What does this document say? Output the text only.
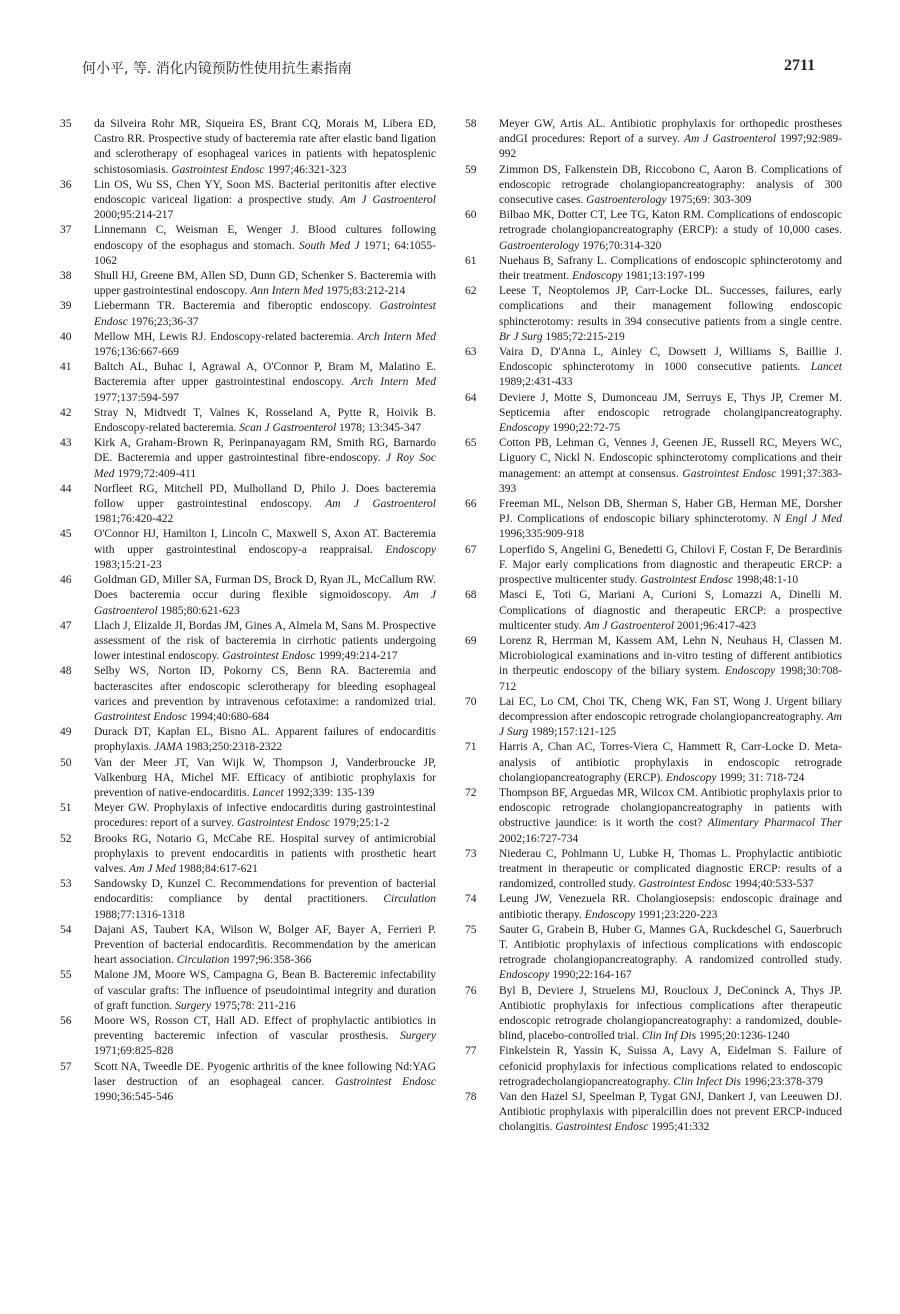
何小平, 等. 消化内镜预防性使用抗生素指南	2711
35	da Silveira Rohr MR, Siqueira ES, Brant CQ, Morais M, Libera ED, Castro RR. Prospective study of bacteremia rate after elastic band ligation and sclerotherapy of esophageal varices in patients with hepatosplenic schistosomiasis. Gastrointest Endosc 1997;46:321-323
36	Lin OS, Wu SS, Chen YY, Soon MS. Bacterial peritonitis after elective endoscopic variceal ligation: a prospective study. Am J Gastroenterol 2000;95:214-217
37	Linnemann C, Weisman E, Wenger J. Blood cultures following endoscopy of the esophagus and stomach. South Med J 1971; 64:1055-1062
38	Shull HJ, Greene BM, Allen SD, Dunn GD, Schenker S. Bacteremia with upper gastrointestinal endoscopy. Ann Intern Med 1975;83:212-214
39	Liebermann TR. Bacteremia and fiberoptic endoscopy. Gastrointest Endosc 1976;23;36-37
40	Mellow MH, Lewis RJ. Endoscopy-related bacteremia. Arch Intern Med 1976;136:667-669
41	Baltch AL, Buhac I, Agrawal A, O'Connor P, Bram M, Malatino E. Bacteremia after upper gastrointestinal endoscopy. Arch Intern Med 1977;137:594-597
42	Stray N, Midtvedt T, Valnes K, Rosseland A, Pytte R, Hoivik B. Endoscopy-related bacteremia. Scan J Gastroenterol 1978; 13:345-347
43	Kirk A, Graham-Brown R, Perinpanayagam RM, Smith RG, Barnardo DE. Bacteremia and upper gastrointestinal fibre-endoscopy. J Roy Soc Med 1979;72:409-411
44	Norfleet RG, Mitchell PD, Mulholland D, Philo J. Does bacteremia follow upper gastrointestinal endoscopy. Am J Gastroenterol 1981;76:420-422
45	O'Connor HJ, Hamilton I, Lincoln C, Maxwell S, Axon AT. Bacteremia with upper gastrointestinal endoscopy-a reappraisal. Endoscopy 1983;15:21-23
46	Goldman GD, Miller SA, Furman DS, Brock D, Ryan JL, McCallum RW. Does bacteremia occur during flexible sigmoidoscopy. Am J Gastroenterol 1985;80:621-623
47	Llach J, Elizalde JI, Bordas JM, Gines A, Almela M, Sans M. Prospective assessment of the risk of bacteremia in cirrhotic patients undergoing lower intestinal endoscopy. Gastrointest Endosc 1999;49:214-217
48	Selby WS, Norton ID, Pokorny CS, Benn RA. Bacteremia and bacterascites after endoscopic sclerotherapy for bleeding esophageal varices and prevention by intravenous cefotaxime: a randomized trial. Gastrointest Endosc 1994;40:680-684
49	Durack DT, Kaplan EL, Bisno AL. Apparent failures of endocarditis prophylaxis. JAMA 1983;250:2318-2322
50	Van der Meer JT, Van Wijk W, Thompson J, Vanderbroucke JP, Valkenburg HA, Michel MF. Efficacy of antibiotic prophylaxis for prevention of native-endocarditis. Lancet 1992;339: 135-139
51	Meyer GW. Prophylaxis of infective endocarditis during gastrointestinal procedures: report of a survey. Gastrointest Endosc 1979;25:1-2
52	Brooks RG, Notario G, McCabe RE. Hospital survey of antimicrobial prophylaxis to prevent endocarditis in patients with prosthetic heart valves. Am J Med 1988;84:617-621
53	Sandowsky D, Kunzel C. Recommendations for prevention of bacterial endocarditis: compliance by dental practitioners. Circulation 1988;77:1316-1318
54	Dajani AS, Taubert KA, Wilson W, Bolger AF, Bayer A, Ferrieri P. Prevention of bacterial endocarditis. Recommendation by the american heart association. Circulation 1997;96:358-366
55	Malone JM, Moore WS, Campagna G, Bean B. Bacteremic infectability of vascular grafts: The influence of pseudointimal integrity and duration of graft function. Surgery 1975;78: 211-216
56	Moore WS, Rosson CT, Hall AD. Effect of prophylactic antibiotics in preventing bacteremic infection of vascular prosthesis. Surgery 1971;69:825-828
57	Scott NA, Tweedle DE. Pyogenic arthritis of the knee following Nd:YAG laser destruction of an esophageal cancer. Gastrointest Endosc 1990;36:545-546
58	Meyer GW, Artis AL. Antibiotic prophylaxis for orthopedic prostheses andGI procedures: Report of a survey. Am J Gastroenterol 1997;92:989-992
59	Zimmon DS, Falkenstein DB, Riccobono C, Aaron B. Complications of endoscopic retrograde cholangiopancreatography: analysis of 300 consecutive cases. Gastroenterology 1975;69: 303-309
60	Bilbao MK, Dotter CT, Lee TG, Katon RM. Complications of endoscopic retrograde cholangiopancreatography (ERCP): a study of 10,000 cases. Gastroenterology 1976;70:314-320
61	Nuehaus B, Safrany L. Complications of endoscopic sphincterotomy and their treatment. Endoscopy 1981;13:197-199
62	Leese T, Neoptolemos JP, Carr-Locke DL. Successes, failures, early complications and their management following endoscopic sphincterotomy: results in 394 consecutive patients from a single centre. Br J Surg 1985;72:215-219
63	Vaira D, D'Anna L, Ainley C, Dowsett J, Williams S, Baillie J. Endoscopic sphincterotomy in 1000 consecutive patients. Lancet 1989;2:431-433
64	Deviere J, Motte S, Dumonceau JM, Serruys E, Thys JP, Cremer M. Septicemia after endoscopic retrograde cholangipancreatography. Endoscopy 1990;22:72-75
65	Cotton PB, Lehman G, Vennes J, Geenen JE, Russell RC, Meyers WC, Liguory C, Nickl N. Endoscopic sphincterotomy complications and their management: an attempt at consensus. Gastrointest Endosc 1991;37:383-393
66	Freeman ML, Nelson DB, Sherman S, Haber GB, Herman ME, Dorsher PJ. Complications of endoscopic biliary sphincterotomy. N Engl J Med 1996;335:909-918
67	Loperfido S, Angelini G, Benedetti G, Chilovi F, Costan F, De Berardinis F. Major early complications from diagnostic and therapeutic ERCP: a prospective multicenter study. Gastrointest Endosc 1998;48:1-10
68	Masci E, Toti G, Mariani A, Curioni S, Lomazzi A, Dinelli M. Complications of diagnostic and therapeutic ERCP: a prospective multicenter study. Am J Gastroenterol 2001;96:417-423
69	Lorenz R, Herrman M, Kassem AM, Lehn N, Neuhaus H, Classen M. Microbiological examinations and in-vitro testing of different antibiotics in therpeutic endoscopy of the biliary system. Endoscopy 1998;30:708-712
70	Lai EC, Lo CM, Choi TK, Cheng WK, Fan ST, Wong J. Urgent biliary decompression after endoscopic retrograde cholangiopancreatography. Am J Surg 1989;157:121-125
71	Harris A, Chan AC, Torres-Viera C, Hammett R, Carr-Locke D. Meta-analysis of antibiotic prophylaxis in endoscopic retrograde cholangiopancreatography (ERCP). Endoscopy 1999; 31: 718-724
72	Thompson BF, Arguedas MR, Wilcox CM. Antibiotic prophylaxis prior to endoscopic retrograde cholangiopancreatography in patients with obstructive jaundice: is it worth the cost? Alimentary Pharmacol Ther 2002;16:727-734
73	Niederau C, Pohlmann U, Lubke H, Thomas L. Prophylactic antibiotic treatment in therapeutic or complicated diagnostic ERCP: results of a randomized, controlled study. Gastrointest Endosc 1994;40:533-537
74	Leung JW, Venezuela RR. Cholangiosepsis: endoscopic drainage and antibiotic therapy. Endoscopy 1991;23:220-223
75	Sauter G, Grabein B, Huber G, Mannes GA, Ruckdeschel G, Sauerbruch T. Antibiotic prophylaxis of infectious complications with endoscopic retrograde cholangiopancreatography. A randomized controlled study. Endoscopy 1990;22:164-167
76	Byl B, Deviere J, Struelens MJ, Roucloux J, DeConinck A, Thys JP. Antibiotic prophylaxis for infectious complications after therapeutic endoscopic retrograde cholangiopancreatography: a randomized, double-blind, placebo-controlled trial. Clin Inf Dis 1995;20:1236-1240
77	Finkelstein R, Yassin K, Suissa A, Lavy A, Eidelman S. Failure of cefonicid prophylaxis for infectious complications related to endoscopic retrogradecholangiopancreatography. Clin Infect Dis 1996;23:378-379
78	Van den Hazel SJ, Speelman P, Tygat GNJ, Dankert J, van Leeuwen DJ. Antibiotic prophylaxis with piperalcillin does not prevent ERCP-induced cholangitis. Gastrointest Endosc 1995;41:332
